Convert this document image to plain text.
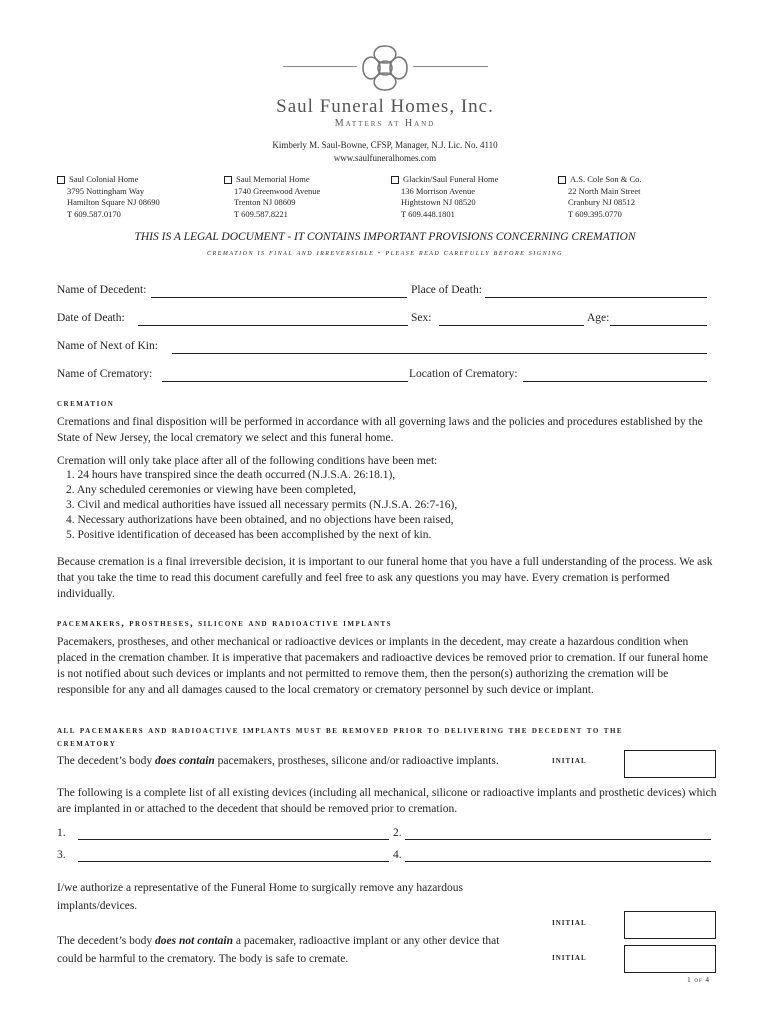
Saul Funeral Homes, Inc.
Matters at Hand
Kimberly M. Saul-Bowne, CFSP, Manager, N.J. Lic. No. 4110
www.saulfuneralhomes.com
Saul Colonial Home
3795 Nottingham Way
Hamilton Square NJ 08690
T 609.587.0170
Saul Memorial Home
1740 Greenwood Avenue
Trenton NJ 08609
T 609.587.8221
Glackin/Saul Funeral Home
136 Morrison Avenue
Hightstown NJ 08520
T 609.448.1801
A.S. Cole Son & Co.
22 North Main Street
Cranbury NJ 08512
T 609.395.0770
THIS IS A LEGAL DOCUMENT - IT CONTAINS IMPORTANT PROVISIONS CONCERNING CREMATION
cremation is final and irreversible - please read carefully before signing
Name of Decedent:	Place of Death:
Date of Death:	Sex:	Age:
Name of Next of Kin:
Name of Crematory:	Location of Crematory:
cremation
Cremations and final disposition will be performed in accordance with all governing laws and the policies and procedures established by the State of New Jersey, the local crematory we select and this funeral home.
Cremation will only take place after all of the following conditions have been met:
1. 24 hours have transpired since the death occurred (N.J.S.A. 26:18.1),
2. Any scheduled ceremonies or viewing have been completed,
3. Civil and medical authorities have issued all necessary permits (N.J.S.A. 26:7-16),
4. Necessary authorizations have been obtained, and no objections have been raised,
5. Positive identification of deceased has been accomplished by the next of kin.
Because cremation is a final irreversible decision, it is important to our funeral home that you have a full understanding of the process. We ask that you take the time to read this document carefully and feel free to ask any questions you may have. Every cremation is performed individually.
pacemakers, prostheses, silicone and radioactive implants
Pacemakers, prostheses, and other mechanical or radioactive devices or implants in the decedent, may create a hazardous condition when placed in the cremation chamber. It is imperative that pacemakers and radioactive devices be removed prior to cremation. If our funeral home is not notified about such devices or implants and not permitted to remove them, then the person(s) authorizing the cremation will be responsible for any and all damages caused to the local crematory or crematory personnel by such device or implant.
all pacemakers and radioactive implants must be removed prior to delivering the decedent to the crematory
The decedent’s body does contain pacemakers, prostheses, silicone and/or radioactive implants.	initial
The following is a complete list of all existing devices (including all mechanical, silicone or radioactive implants and prosthetic devices) which are implanted in or attached to the decedent that should be removed prior to cremation.
1.	2.
3.	4.
I/we authorize a representative of the Funeral Home to surgically remove any hazardous implants/devices.
initial
The decedent’s body does not contain a pacemaker, radioactive implant or any other device that could be harmful to the crematory. The body is safe to cremate.	initial
1 of 4
